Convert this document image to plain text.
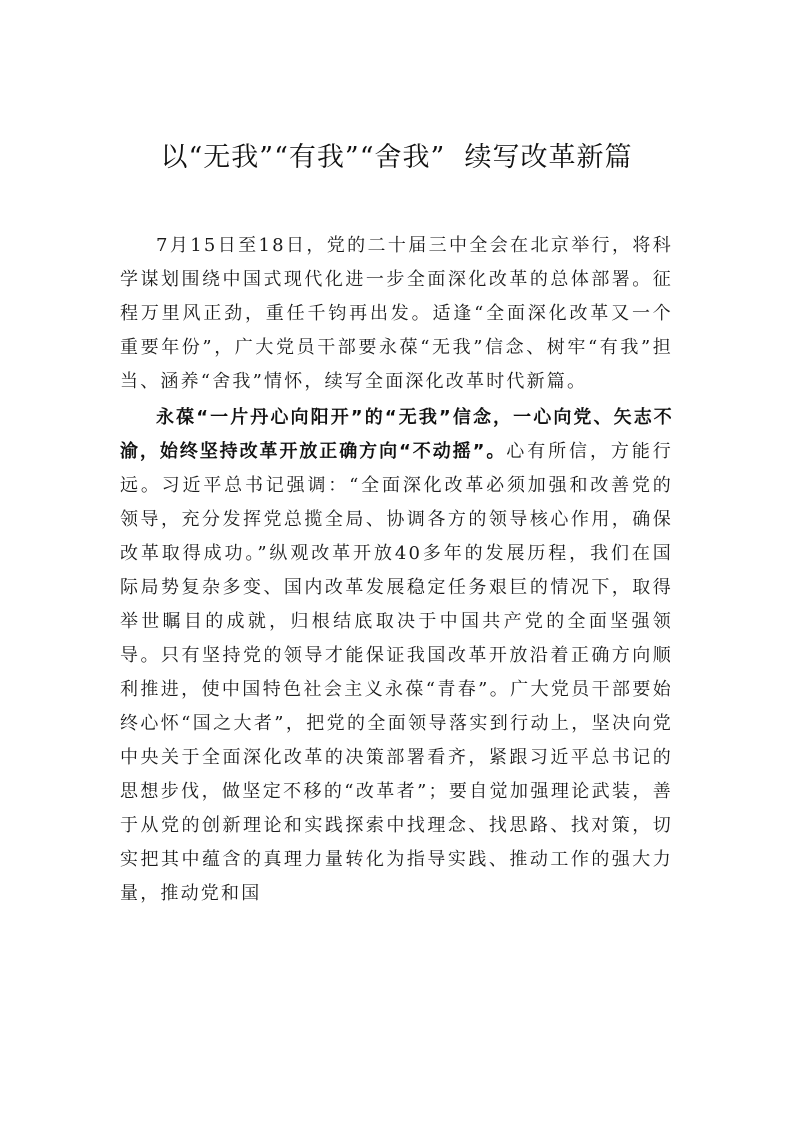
以“无我”“有我”“舍我”  续写改革新篇

7月15日至18日，党的二十届三中全会在北京举行，将科学谋划围绕中国式现代化进一步全面深化改革的总体部署。征程万里风正劲，重任千钧再出发。适逢“全面深化改革又一个重要年份”，广大党员干部要永葆“无我”信念、树牢“有我”担当、涵养“舍我”情怀，续写全面深化改革时代新篇。

永葆“一片丹心向阳开”的“无我”信念，一心向党、矢志不渝，始终坚持改革开放正确方向“不动摇”。心有所信，方能行远。习近平总书记强调：“全面深化改革必须加强和改善党的领导，充分发挥党总揽全局、协调各方的领导核心作用，确保改革取得成功。”纵观改革开放40多年的发展历程，我们在国际局势复杂多变、国内改革发展稳定任务艰巨的情况下，取得举世瞩目的成就，归根结底取决于中国共产党的全面坚强领导。只有坚持党的领导才能保证我国改革开放沿着正确方向顺利推进，使中国特色社会主义永葆“青春”。广大党员干部要始终心怀“国之大者”，把党的全面领导落实到行动上，坚决向党中央关于全面深化改革的决策部署看齐，紧跟习近平总书记的思想步伐，做坚定不移的“改革者”；要自觉加强理论武装，善于从党的创新理论和实践探索中找理念、找思路、找对策，切实把其中蕴含的真理力量转化为指导实践、推动工作的强大力量，推动党和国
